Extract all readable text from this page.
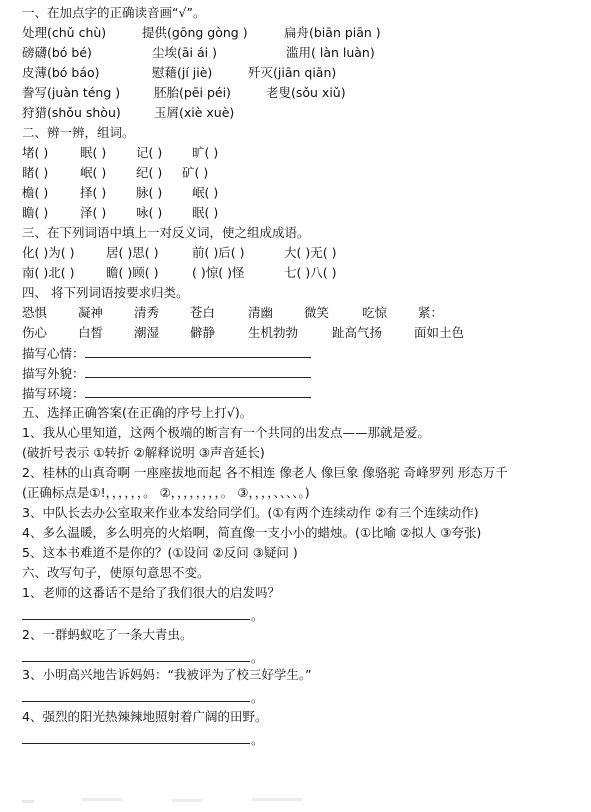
一、在加点字的正确读音画“√”。
处理(chǔ chù)	提供(gōng gòng )	扁舟(biān piān )
磅礴(bó bé)	尘埃(āi ái )	滥用( làn luàn)
皮薄(bó báo)	慰藉(jí jiè)	歼灭(jiān qiān)
誊写(juàn téng )	胚胎(pēi péi)	老叟(sǒu xiǔ)
狩猎(shǒu shòu)	玉屑(xiè xuè)
二、辨一辨，组词。
堵( )	眠( ) 记( ) 旷( )
睹( )	岷( ) 纪( ) 矿( )
檐( )	择( ) 脉( ) 岷( )
瞻( )	泽( ) 咏( ) 眠( )
三、在下列词语中填上一对反义词，使之组成成语。
化( )为( )	居( )思( )	前( )后( )	大( )无( )
南( )北( )	瞻( )顾( )	( )惊( )怪	七( )八( )
四、 将下列词语按要求归类。
恐惧 凝神 清秀 苍白	清幽 微笑	吃惊 紧：
伤心 白皙 潮湿 僻静	生机勃勃	趾高气扬	面如土色
描写心情：
描写外貌：
描写环境：
五、选择正确答案(在正确的序号上打√)。
1、我从心里知道，这两个极端的断言有一个共同的出发点——那就是爱。
(破折号表示 ①转折 ②解释说明 ③声音延长)
2、桂林的山真奇啊 一座座拔地而起 各不相连 像老人 像巨象 像骆驼 奇峰罗列 形态万千
(正确标点是①!，，，，，，。 ②，，，，，，，，。 ③，，，，、、、、。)
3、中队长去办公室取来作业本发给同学们。(①有两个连续动作 ②有三个连续动作)
4、多么温暖，多么明亮的火焰啊，简直像一支小小的蜡烛。(①比喻 ②拟人 ③夸张)
5、这本书难道不是你的？(①设问 ②反问 ③疑问 )
六、改写句子，使原句意思不变。
1、老师的这番话不是给了我们很大的启发吗？
。
2、一群蚂蚁吃了一条大青虫。
。
3、小明高兴地告诉妈妈：“我被评为了校三好学生。”
。
4、强烈的阳光热辣辣地照射着广阔的田野。
。
